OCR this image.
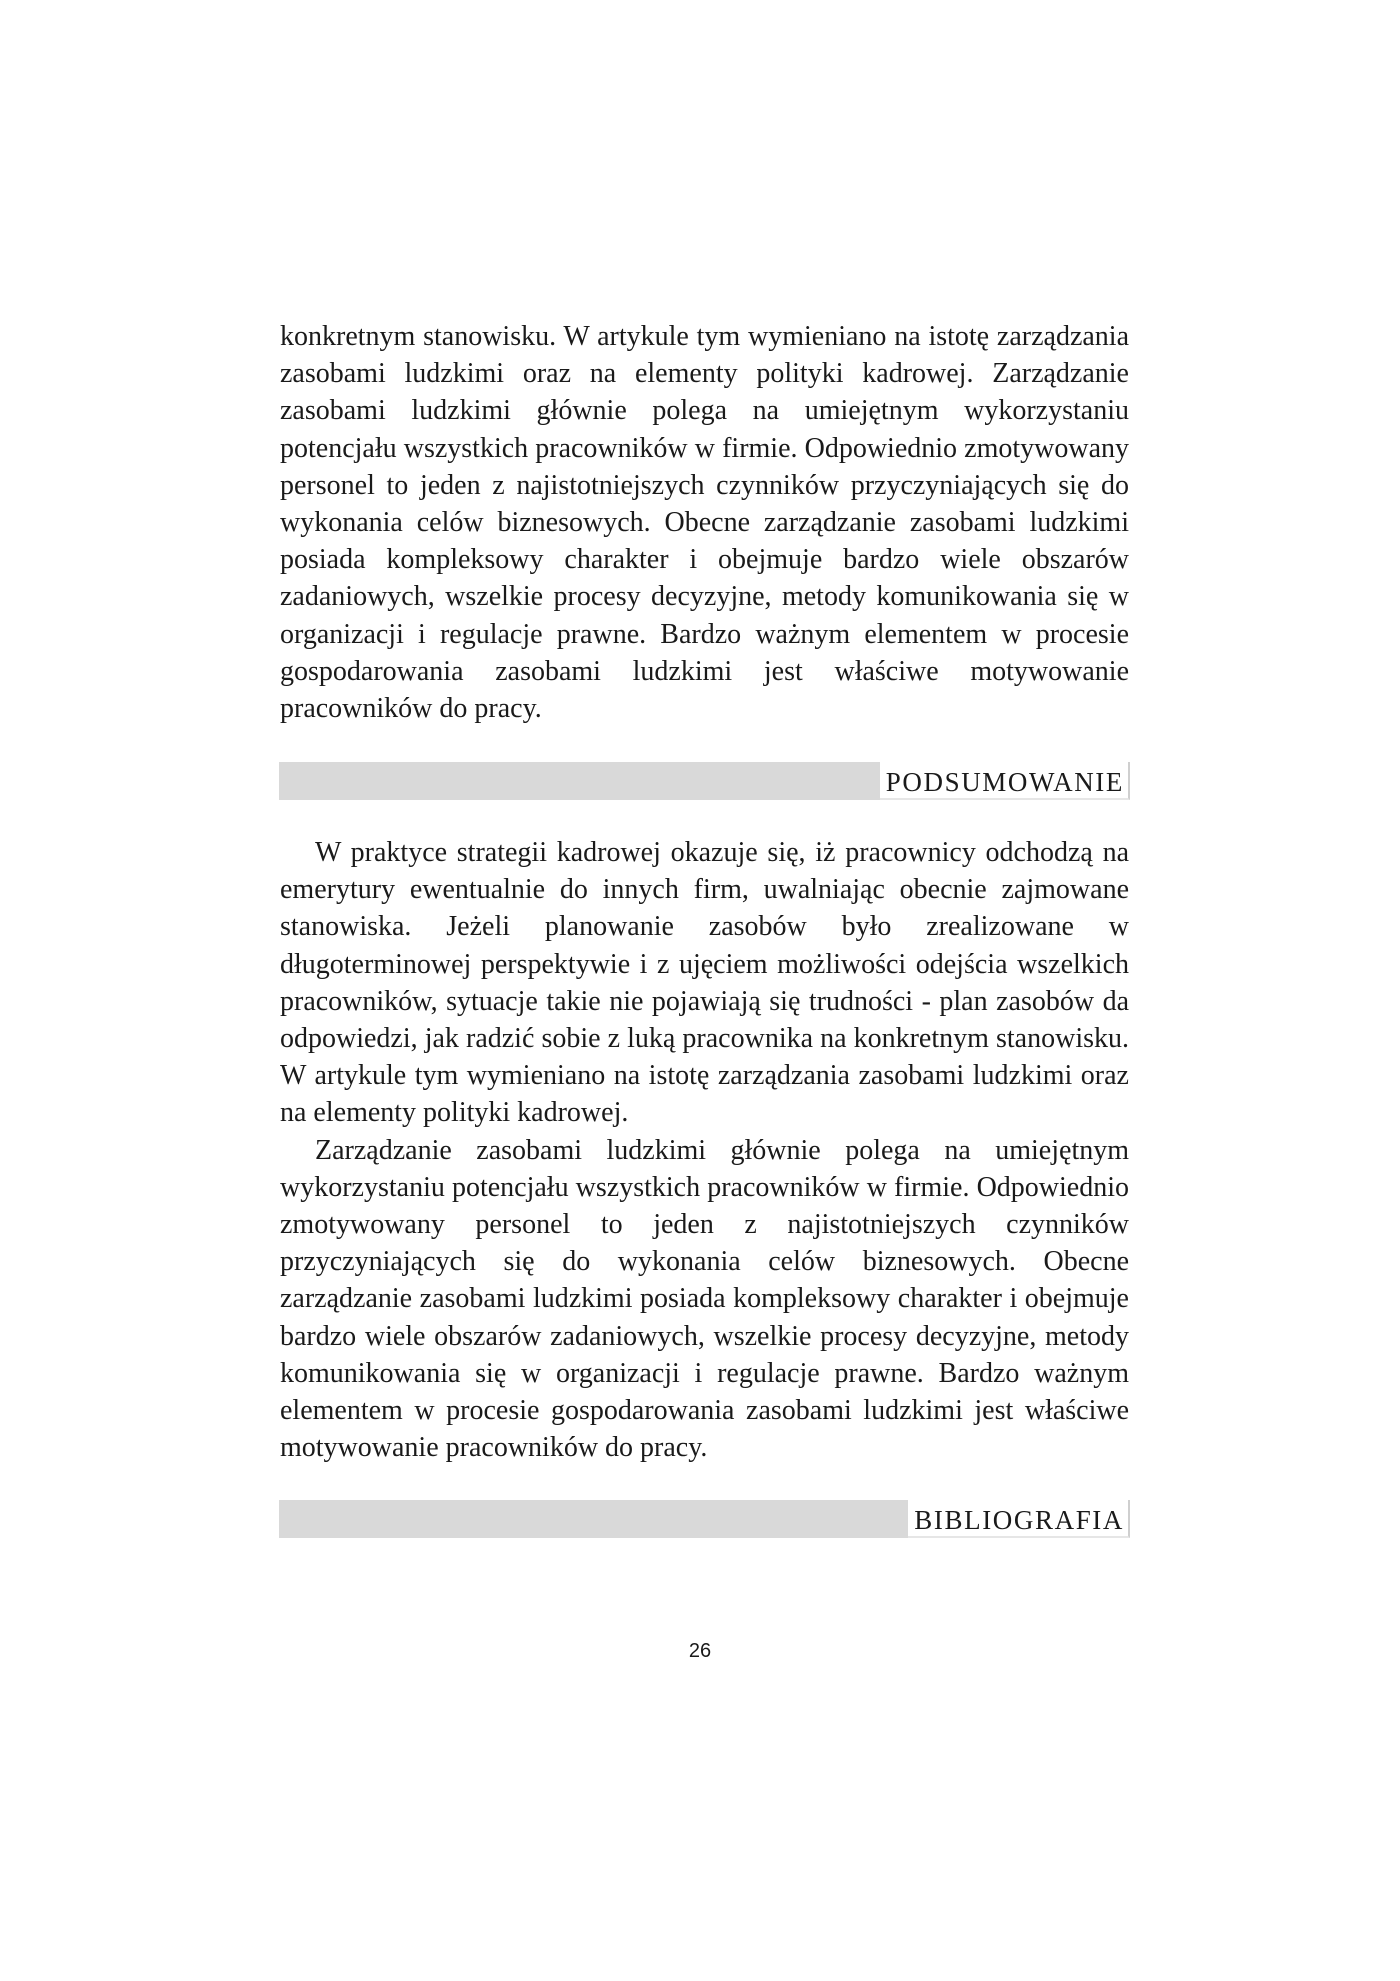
konkretnym stanowisku. W artykule tym wymieniano na istotę zarządzania zasobami ludzkimi oraz na elementy polityki kadrowej. Zarządzanie zasobami ludzkimi głównie polega na umiejętnym wykorzystaniu potencjału wszystkich pracowników w firmie. Odpowiednio zmotywowany personel to jeden z najistotniejszych czynników przyczyniających się do wykonania celów biznesowych. Obecne zarządzanie zasobami ludzkimi posiada kompleksowy charakter i obejmuje bardzo wiele obszarów zadaniowych, wszelkie procesy decyzyjne, metody komunikowania się w organizacji i regulacje prawne. Bardzo ważnym elementem w procesie gospodarowania zasobami ludzkimi jest właściwe motywowanie pracowników do pracy.

PODSUMOWANIE

W praktyce strategii kadrowej okazuje się, iż pracownicy odchodzą na emerytury ewentualnie do innych firm, uwalniając obecnie zajmowane stanowiska. Jeżeli planowanie zasobów było zrealizowane w długoterminowej perspektywie i z ujęciem możliwości odejścia wszelkich pracowników, sytuacje takie nie pojawiają się trudności - plan zasobów da odpowiedzi, jak radzić sobie z luką pracownika na konkretnym stanowisku. W artykule tym wymieniano na istotę zarządzania zasobami ludzkimi oraz na elementy polityki kadrowej.

Zarządzanie zasobami ludzkimi głównie polega na umiejętnym wykorzystaniu potencjału wszystkich pracowników w firmie. Odpowiednio zmotywowany personel to jeden z najistotniejszych czynników przyczyniających się do wykonania celów biznesowych. Obecne zarządzanie zasobami ludzkimi posiada kompleksowy charakter i obejmuje bardzo wiele obszarów zadaniowych, wszelkie procesy decyzyjne, metody komunikowania się w organizacji i regulacje prawne. Bardzo ważnym elementem w procesie gospodarowania zasobami ludzkimi jest właściwe motywowanie pracowników do pracy.

BIBLIOGRAFIA
26
